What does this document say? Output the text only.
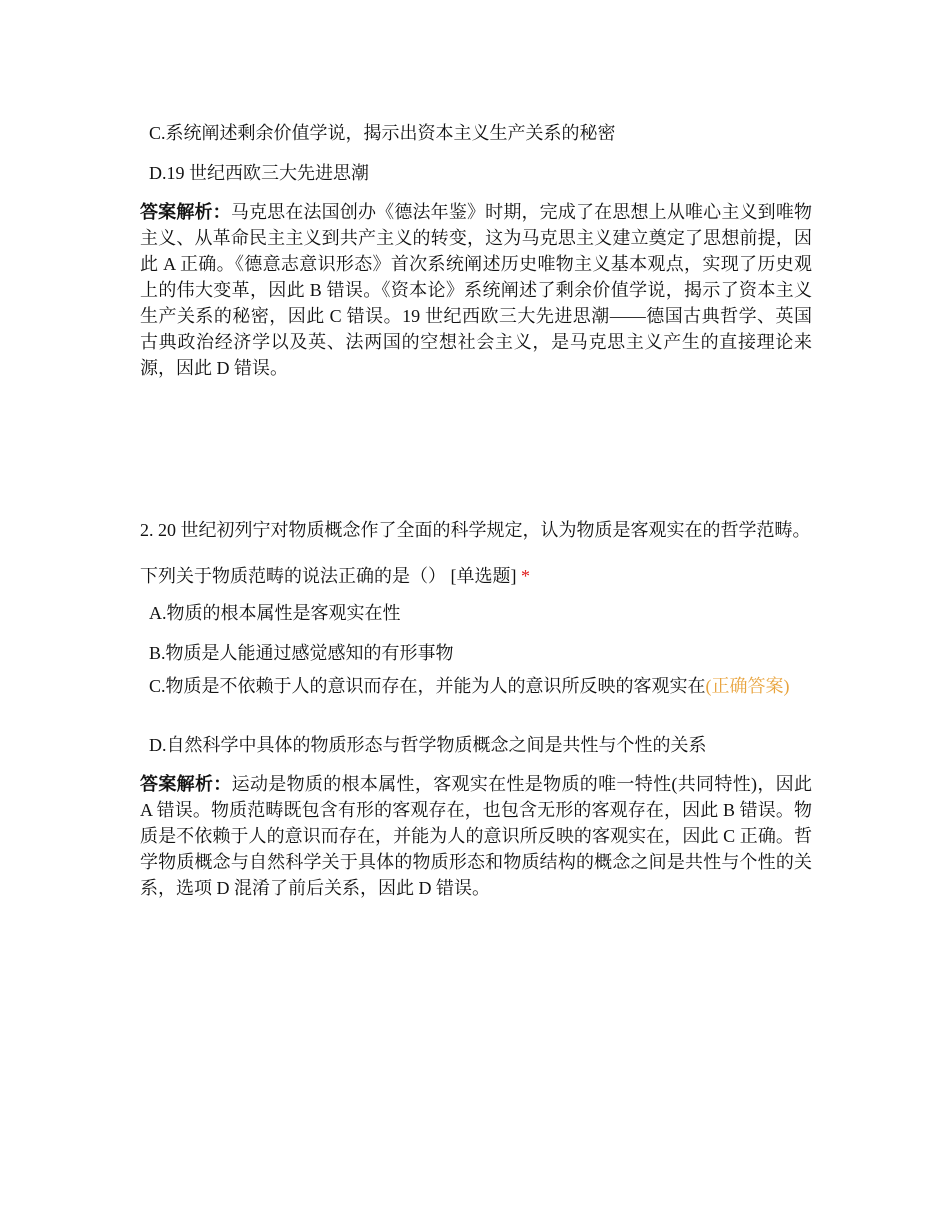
C.系统阐述剩余价值学说，揭示出资本主义生产关系的秘密
D.19 世纪西欧三大先进思潮
答案解析：马克思在法国创办《德法年鉴》时期，完成了在思想上从唯心主义到唯物主义、从革命民主主义到共产主义的转变，这为马克思主义建立奠定了思想前提，因此 A 正确。《德意志意识形态》首次系统阐述历史唯物主义基本观点，实现了历史观上的伟大变革，因此 B 错误。《资本论》系统阐述了剩余价值学说，揭示了资本主义生产关系的秘密，因此 C 错误。19 世纪西欧三大先进思潮——德国古典哲学、英国古典政治经济学以及英、法两国的空想社会主义，是马克思主义产生的直接理论来源，因此 D 错误。
2. 20 世纪初列宁对物质概念作了全面的科学规定，认为物质是客观实在的哲学范畴。下列关于物质范畴的说法正确的是（） [单选题] *
A.物质的根本属性是客观实在性
B.物质是人能通过感觉感知的有形事物
C.物质是不依赖于人的意识而存在，并能为人的意识所反映的客观实在(正确答案)
D.自然科学中具体的物质形态与哲学物质概念之间是共性与个性的关系
答案解析：运动是物质的根本属性，客观实在性是物质的唯一特性(共同特性)，因此 A 错误。物质范畴既包含有形的客观存在，也包含无形的客观存在，因此 B 错误。物质是不依赖于人的意识而存在，并能为人的意识所反映的客观实在，因此 C 正确。哲学物质概念与自然科学关于具体的物质形态和物质结构的概念之间是共性与个性的关系，选项 D 混淆了前后关系，因此 D 错误。
